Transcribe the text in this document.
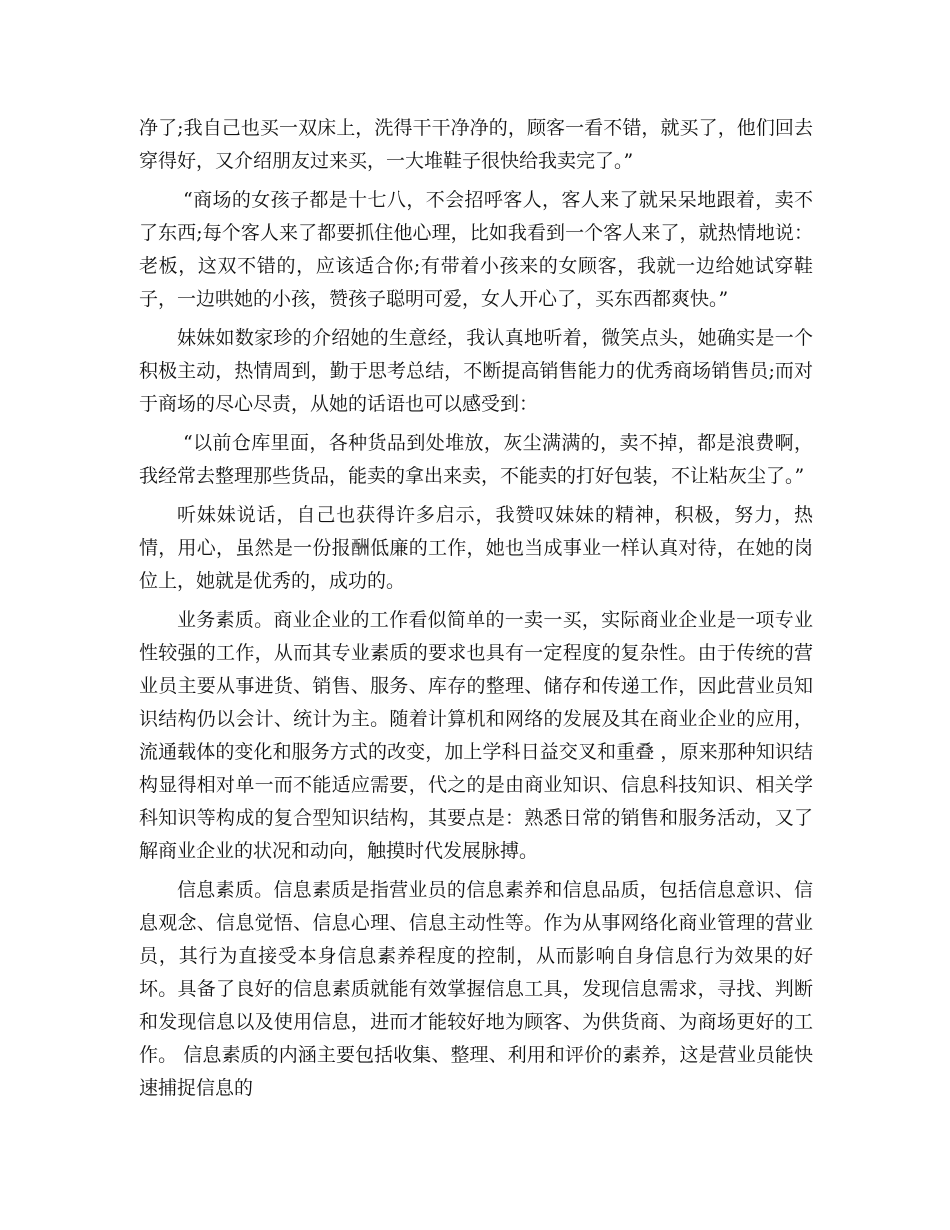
净了;我自己也买一双床上，洗得干干净净的，顾客一看不错，就买了，他们回去穿得好，又介绍朋友过来买，一大堆鞋子很快给我卖完了。”

“商场的女孩子都是十七八，不会招呼客人，客人来了就呆呆地跟着，卖不了东西;每个客人来了都要抓住他心理，比如我看到一个客人来了，就热情地说：老板，这双不错的，应该适合你;有带着小孩来的女顾客，我就一边给她试穿鞋子，一边哄她的小孩，赞孩子聪明可爱，女人开心了，买东西都爽快。”

妹妹如数家珍的介绍她的生意经，我认真地听着，微笑点头，她确实是一个积极主动，热情周到，勤于思考总结，不断提高销售能力的优秀商场销售员;而对于商场的尽心尽责，从她的话语也可以感受到：

“以前仓库里面，各种货品到处堆放，灰尘满满的，卖不掉，都是浪费啊，我经常去整理那些货品，能卖的拿出来卖，不能卖的打好包装，不让粘灰尘了。”

听妹妹说话，自己也获得许多启示，我赞叹妹妹的精神，积极，努力，热情，用心，虽然是一份报酬低廉的工作，她也当成事业一样认真对待，在她的岗位上，她就是优秀的，成功的。

业务素质。商业企业的工作看似简单的一卖一买，实际商业企业是一项专业性较强的工作，从而其专业素质的要求也具有一定程度的复杂性。由于传统的营业员主要从事进货、销售、服务、库存的整理、储存和传递工作，因此营业员知识结构仍以会计、统计为主。随着计算机和网络的发展及其在商业企业的应用，流通载体的变化和服务方式的改变，加上学科日益交叉和重叠 ，原来那种知识结构显得相对单一而不能适应需要，代之的是由商业知识、信息科技知识、相关学科知识等构成的复合型知识结构，其要点是：熟悉日常的销售和服务活动，又了解商业企业的状况和动向，触摸时代发展脉搏。

信息素质。信息素质是指营业员的信息素养和信息品质，包括信息意识、信息观念、信息觉悟、信息心理、信息主动性等。作为从事网络化商业管理的营业员，其行为直接受本身信息素养程度的控制，从而影响自身信息行为效果的好坏。具备了良好的信息素质就能有效掌握信息工具，发现信息需求，寻找、判断和发现信息以及使用信息，进而才能较好地为顾客、为供货商、为商场更好的工作。 信息素质的内涵主要包括收集、整理、利用和评价的素养，这是营业员能快速捕捉信息的
